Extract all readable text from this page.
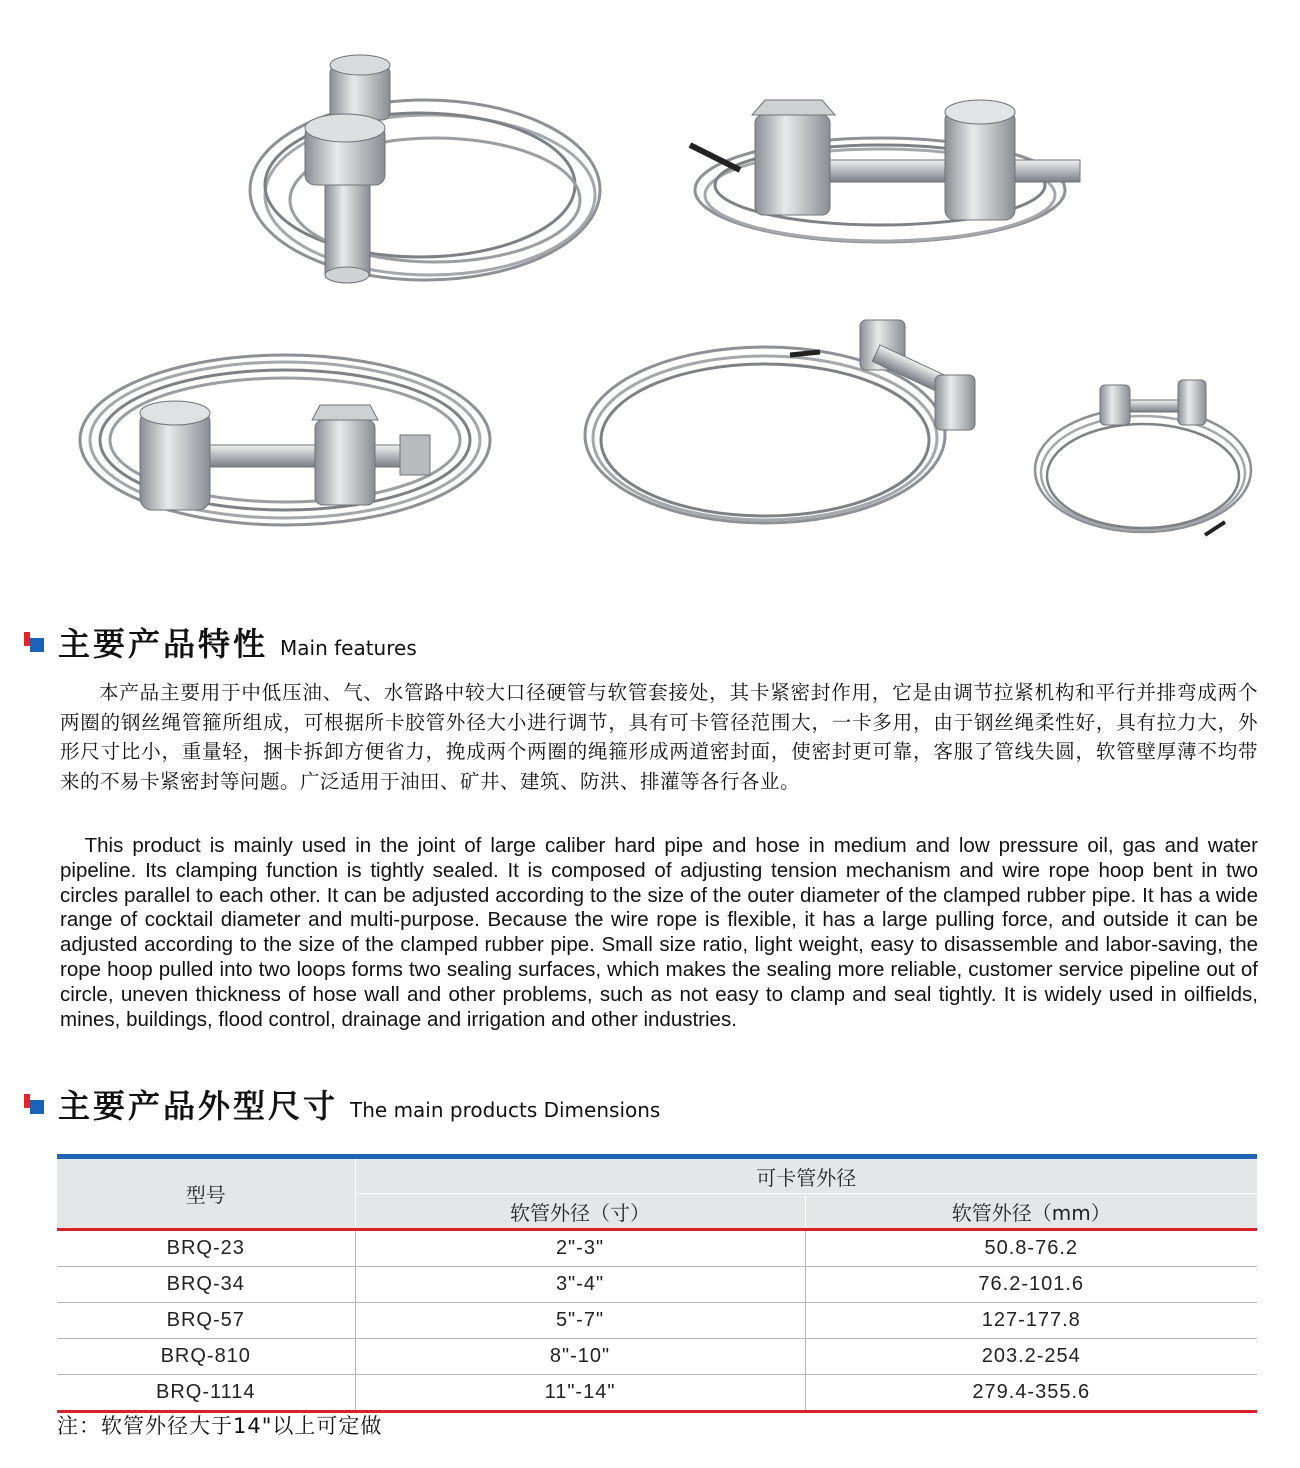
主要产品特性 Main features

本产品主要用于中低压油、气、水管路中较大口径硬管与软管套接处，其卡紧密封作用，它是由调节拉紧机构和平行并排弯成两个两圈的钢丝绳管箍所组成，可根据所卡胶管外径大小进行调节，具有可卡管径范围大，一卡多用，由于钢丝绳柔性好，具有拉力大，外形尺寸比小，重量轻，捆卡拆卸方便省力，挽成两个两圈的绳箍形成两道密封面，使密封更可靠，客服了管线失圆，软管壁厚薄不均带来的不易卡紧密封等问题。广泛适用于油田、矿井、建筑、防洪、排灌等各行各业。

This product is mainly used in the joint of large caliber hard pipe and hose in medium and low pressure oil, gas and water pipeline. Its clamping function is tightly sealed. It is composed of adjusting tension mechanism and wire rope hoop bent in two circles parallel to each other. It can be adjusted according to the size of the outer diameter of the clamped rubber pipe. It has a wide range of cocktail diameter and multi-purpose. Because the wire rope is flexible, it has a large pulling force, and outside it can be adjusted according to the size of the clamped rubber pipe. Small size ratio, light weight, easy to disassemble and labor-saving, the rope hoop pulled into two loops forms two sealing surfaces, which makes the sealing more reliable, customer service pipeline out of circle, uneven thickness of hose wall and other problems, such as not easy to clamp and seal tightly. It is widely used in oilfields, mines, buildings, flood control, drainage and irrigation and other industries.

主要产品外型尺寸 The main products Dimensions
型号	可卡管外径	
	软管外径（寸）	软管外径（mm）
BRQ-23	2"-3"	50.8-76.2
BRQ-34	3"-4"	76.2-101.6
BRQ-57	5"-7"	127-177.8
BRQ-810	8"-10"	203.2-254
BRQ-1114	11"-14"	279.4-355.6
注：软管外径大于14"以上可定做
